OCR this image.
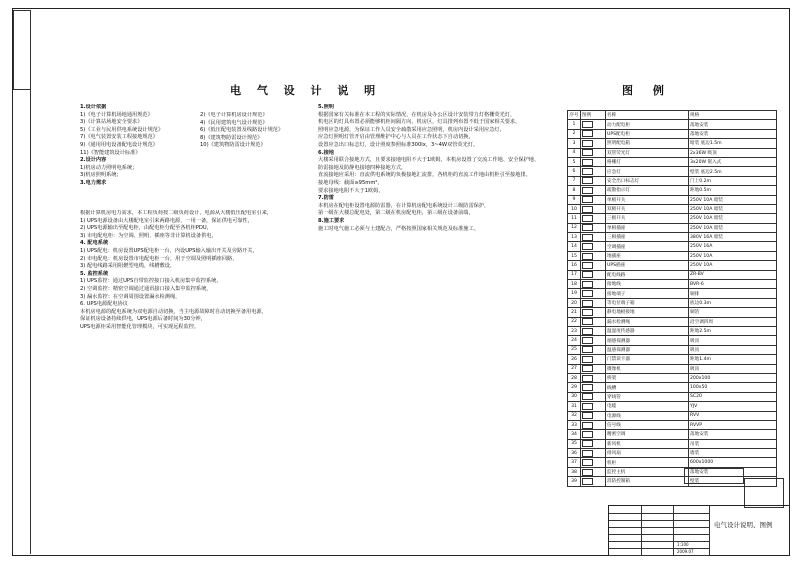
电 气 设 计 说 明	图 例
1.设计依据
1)《电子计算机场地通用规范》
3)《计算站场地安全要求》
5)《工业与民用供电系统设计规范》
7)《电气装置安装工程接地规范》
9)《通用用电设备配电设计规范》
11)《智能建筑设计标准》
2.设计内容
1)机房动力照明电系统；
3)机房照明系统；
3.电力需求
2)《电子计算机房设计规范》
4)《民用建筑电气设计规范》
6)《低压配电装置及线路设计规范》
8)《建筑物防雷设计规范》
10)《建筑物防雷设计规范》
5.照明
根据国家有关标准在本工程的实际情况，在机房及办公区设计安装带力灯格栅荧光灯，
机电区的灯具布置必须能够机柜间隔方向，机房区，灯具排列布置不低于国家相关要求，
照明应急电源，为保证工作人员安全疏散采用应急照明，机房内设计采用应急灯，
应急灯照明灯管开启由管理维护中心与人员在工作状态下自动切换，
设置应急出口标志灯，设计照度参照标准300lx，3~4W双管荧光灯。
6.接地
大楼采用联合接地方式，且要求接地电阻不大于1欧姆，本机房设置了交流工作地、安全保护地、
防雷接地及防静电接地四种接地方式，
直流接地应采用：直流供电系统的负极接地汇流排，各机柜的直流工作地由机柜引至接地排。
接地母线：截面≥95mm²，
要求接地电阻不大于1欧姆，
7.防雷
本机房在配电柜设置电源防雷器，在计算机房配电系统设计三级防雷保护，
第一级在大楼总配电处，第二级在机房配电柜，第三级在设备前端，
8.施工要求
施工时电气施工必须与土建配合，严格按照国家相关规范及标准施工。
根据计算机房电力需求，本工程负荷按二级负荷设计，电源从大楼低压配电室引来，
1) UPS电源设备由大楼配电室引来两路电源，一用一备，保证供电可靠性，
2) UPS电源输出至配电柜，由配电柜分配至各机柜PDU，
3) 市电配电柜：为空调、照明、插座等非计算机设备供电，
4. 配电系统
1) UPS配电：机房设置UPS配电柜一台，内设UPS输入输出开关及旁路开关，
2) 市电配电：机房设置市电配电柜一台，用于空调及照明插座回路，
3) 配电线路采用阻燃型电缆，线槽敷设，
5. 监控系统
1) UPS监控：通过UPS自带监控接口接入机房集中监控系统，
2) 空调监控：精密空调通过通讯接口接入集中监控系统，
3) 漏水监控：在空调周围设置漏水检测绳，
6. UPS电源配电协议
本机房电源的配电系统为双电源自动切换，当主电源故障时自动切换至备用电源，
保证机房设备持续供电，UPS电源后备时间为30分钟，
UPS电源柜采用智能化管理模块，可实现远程监控。
序号	图例	名称	规格
1		动力配电柜	落地安装
2		UPS配电柜	落地安装
3		照明配电箱	暗装 底边1.5m
4		双管荧光灯	2x36W 吸顶
5		格栅灯	3x20W 嵌入式
6		应急灯	壁装 底边2.5m
7		安全出口标志灯	门上0.2m
8		疏散指示灯	距地0.5m
9		单极开关	250V 10A 暗装
10		双极开关	250V 10A 暗装
11		三极开关	250V 10A 暗装
12		单相插座	250V 10A 暗装
13		三相插座	380V 16A 暗装
14		空调插座	250V 16A
15		地插座	250V 10A
16		UPS插座	250V 10A
17		配电线路	ZR-BV
18		接地线	BVR-6
19		接地端子	铜排
20		等电位端子箱	底边0.3m
21		静电地板接地	铜箔
22		漏水检测绳	沿空调四周
23		温湿度传感器	距地2.5m
24		烟感探测器	吸顶
25		温感探测器	吸顶
26		门禁读卡器	距地1.4m
27		摄像机	吸顶
28		桥架	200x100
29		线槽	100x50
30		穿线管	SC20
31		电缆	YJV
32		电源线	RVV
33		信号线	RVVP
34		精密空调	落地安装
35		新风机	吊装
36		排风扇	墙装
37		机柜	600x1000
38		监控主机	落地安装
39		消防控制箱	壁装
电气设计说明、图例
1:100
2009.07
